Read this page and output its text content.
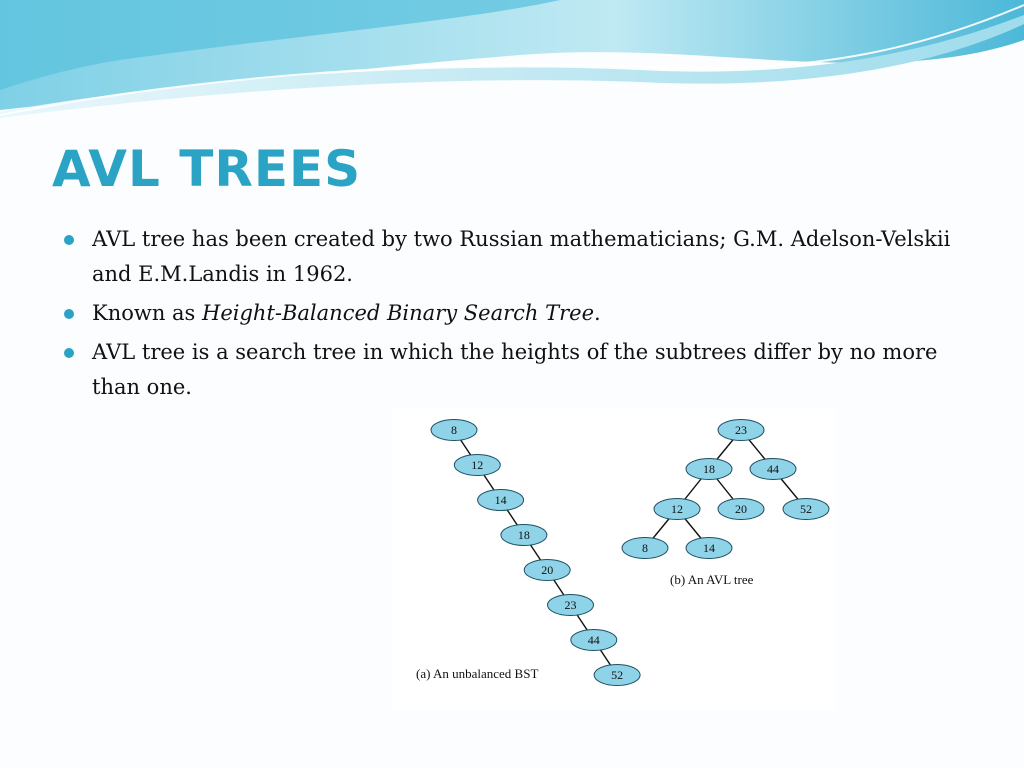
AVL TREES
AVL tree has been created by two Russian mathematicians; G.M. Adelson-Velskii and E.M.Landis in 1962.
Known as Height-Balanced Binary Search Tree.
AVL tree is a search tree in which the heights of the subtrees differ by no more than one.
8
12
14
18
20
23
44
52
23
18	44
12	20	52
8	14
(a) An unbalanced BST
(b) An AVL tree
